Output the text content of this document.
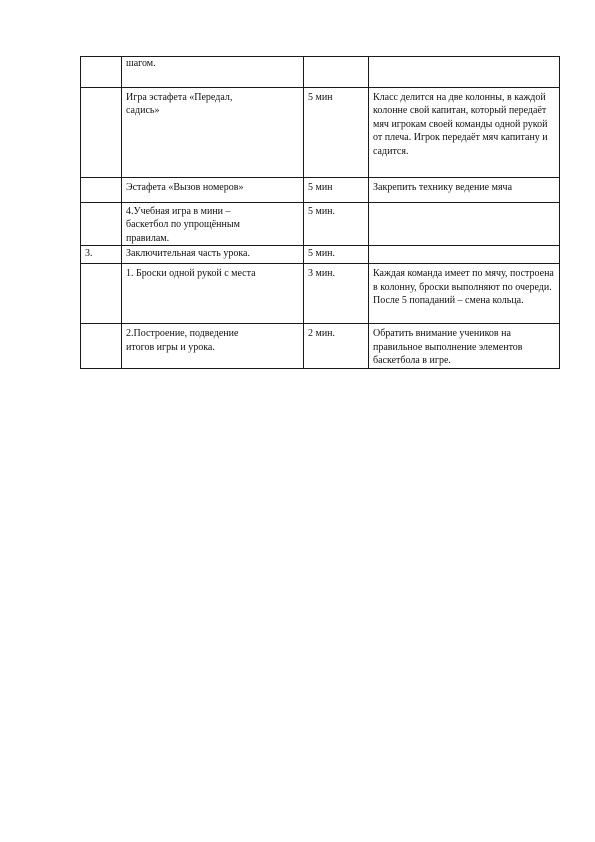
	шагом.		

	Игра эстафета «Передал,
садись»	5 мин	Класс делится на две колонны, в каждой колонне свой капитан, который передаёт мяч игрокам своей команды одной рукой от плеча. Игрок передаёт мяч капитану и садится.

	Эстафета «Вызов номеров»	5 мин	Закрепить технику ведение мяча

	4.Учебная игра в мини –
баскетбол по упрощённым
правилам.	5 мин.	
3.	Заключительная часть урока.	5 мин.	

	1. Броски одной рукой с места	3 мин.	Каждая команда имеет по мячу, построена в колонну, броски выполняют по очереди. После 5 попаданий – смена кольца.

	2.Построение, подведение
итогов игры и урока.	2 мин.	Обратить внимание учеников на правильное выполнение элементов баскетбола в игре.
